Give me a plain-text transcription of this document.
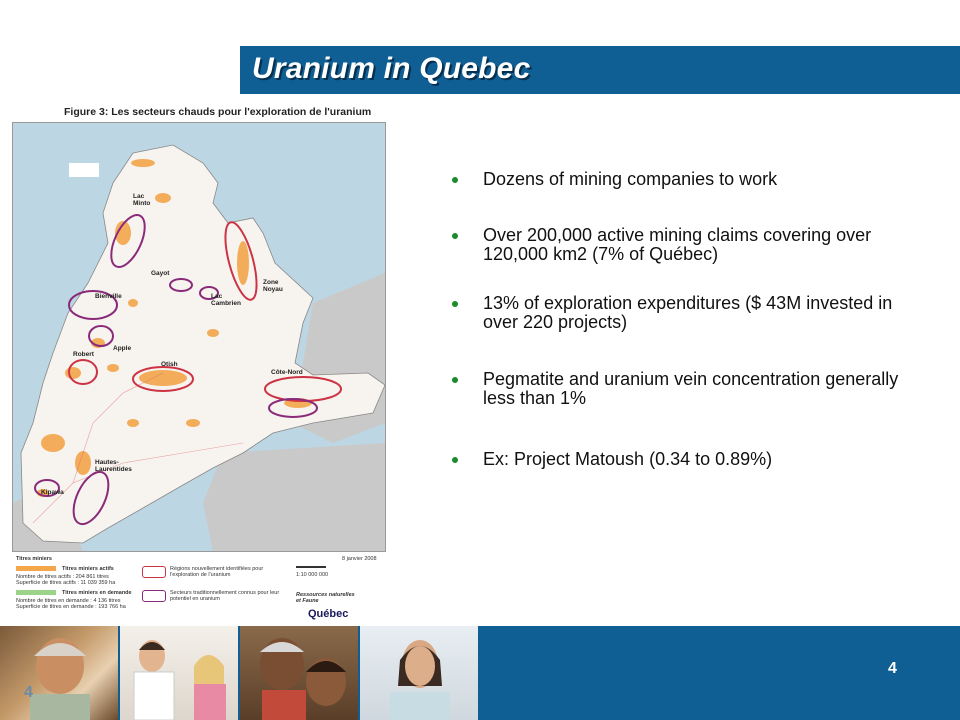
Uranium in Quebec
Figure 3: Les secteurs chauds pour l'exploration de l'uranium
Lac
Minto
Gayot
Lac
Cambrien
Zone
Noyau
Bienville
Apple
Robert
Otish
Côte-Nord
Hautes-
Laurentides
Kipawa
Titres miniers
Titres miniers actifs
Nombre de titres actifs : 204 861 titres
Superficie de titres actifs : 11 039 359 ha
Titres miniers en demande
Nombre de titres en demande : 4 136 titres
Superficie de titres en demande : 193 766 ha
Régions nouvellement identifiées pour l'exploration de l'uranium
Secteurs traditionnellement connus pour leur potentiel en uranium
8 janvier 2008
1:10 000 000
Ressources naturelles et Faune
Québec
Dozens of mining companies to work
Over 200,000 active mining claims covering over 120,000 km2 (7% of Québec)
13% of exploration expenditures ($ 43M invested in over 220 projects)
Pegmatite and uranium vein concentration generally less than 1%
Ex: Project Matoush (0.34 to 0.89%)
4
4
